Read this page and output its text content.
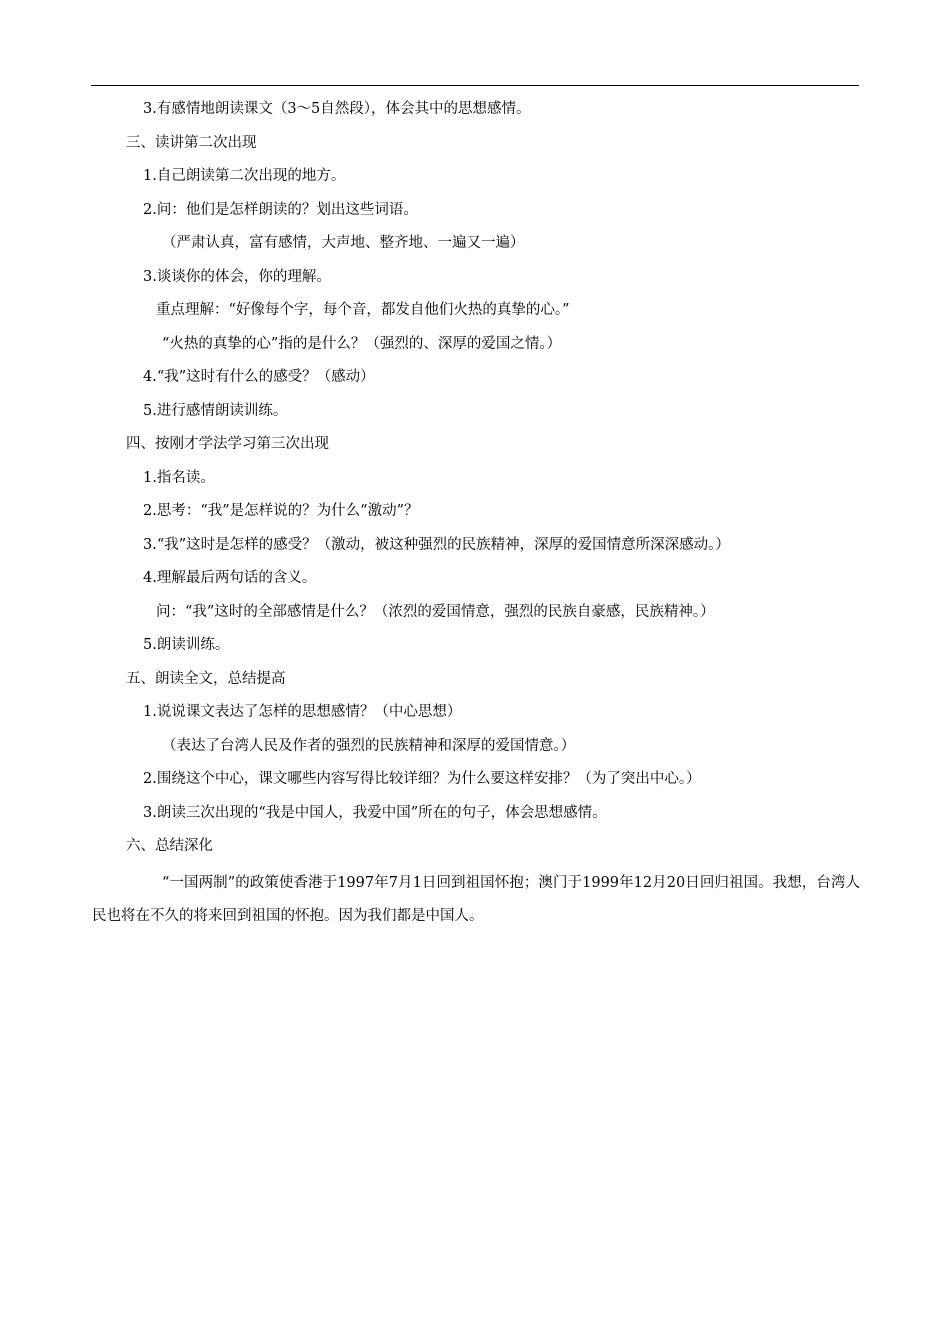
3.有感情地朗读课文（3～5自然段），体会其中的思想感情。
三、读讲第二次出现
1.自己朗读第二次出现的地方。
2.问：他们是怎样朗读的？划出这些词语。
（严肃认真，富有感情，大声地、整齐地、一遍又一遍）
3.谈谈你的体会，你的理解。
重点理解：“好像每个字，每个音，都发自他们火热的真挚的心。”
“火热的真挚的心”指的是什么？（强烈的、深厚的爱国之情。）
4.“我”这时有什么的感受？（感动）
5.进行感情朗读训练。
四、按刚才学法学习第三次出现
1.指名读。
2.思考：“我”是怎样说的？为什么“激动”？
3.“我”这时是怎样的感受？（激动，被这种强烈的民族精神，深厚的爱国情意所深深感动。）
4.理解最后两句话的含义。
问：“我”这时的全部感情是什么？（浓烈的爱国情意，强烈的民族自豪感，民族精神。）
5.朗读训练。
五、朗读全文，总结提高
1.说说课文表达了怎样的思想感情？（中心思想）
（表达了台湾人民及作者的强烈的民族精神和深厚的爱国情意。）
2.围绕这个中心，课文哪些内容写得比较详细？为什么要这样安排？（为了突出中心。）
3.朗读三次出现的“我是中国人，我爱中国”所在的句子，体会思想感情。
六、总结深化
“一国两制”的政策使香港于1997年7月1日回到祖国怀抱；澳门于1999年12月20日回归祖国。我想，台湾人民也将在不久的将来回到祖国的怀抱。因为我们都是中国人。
